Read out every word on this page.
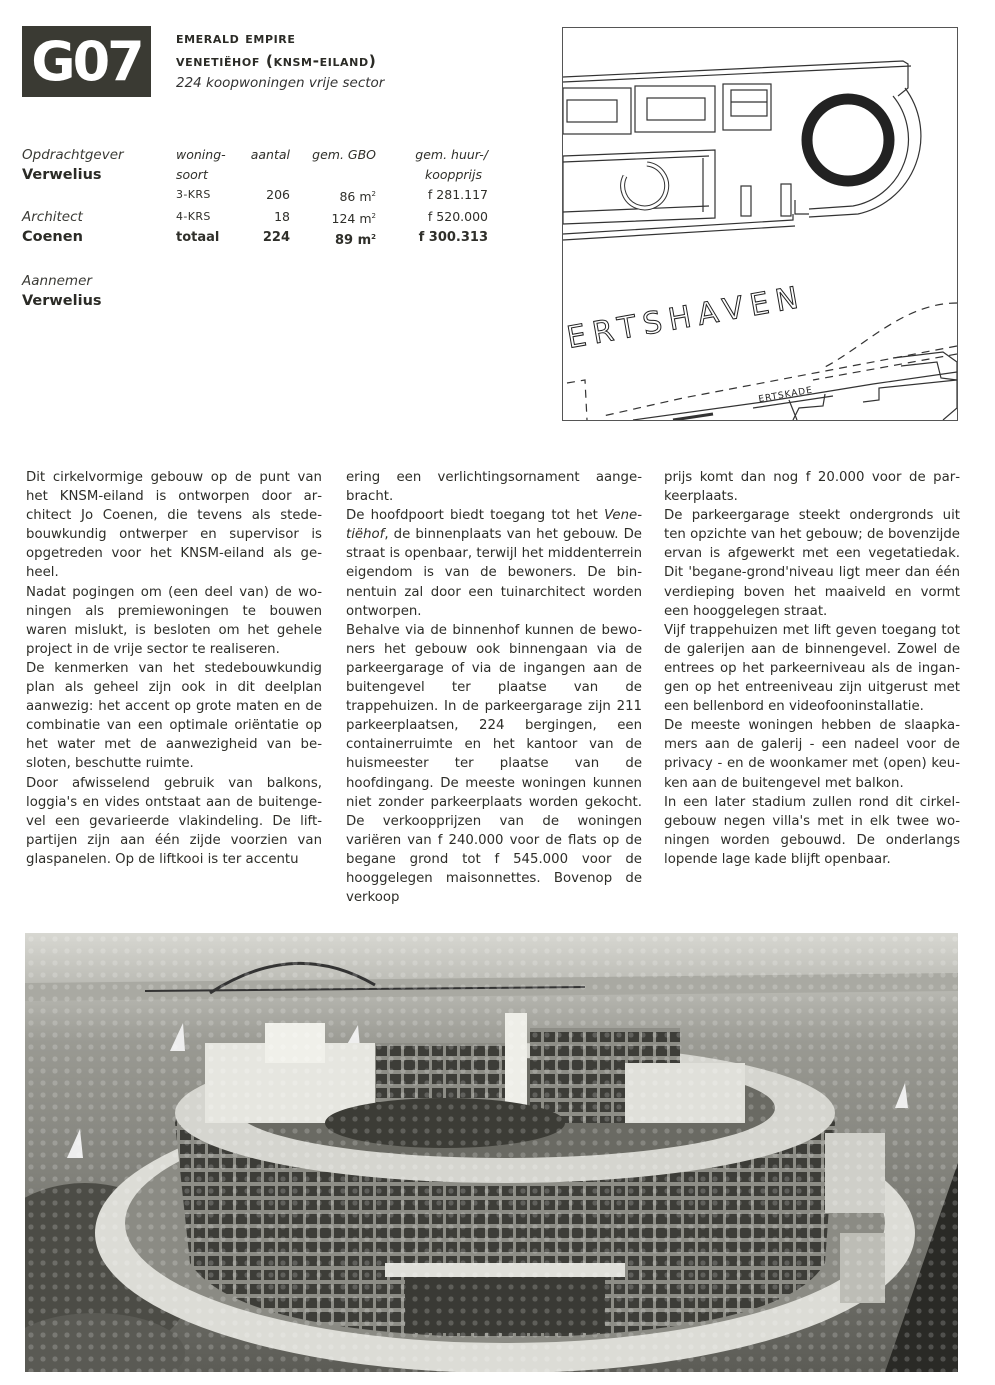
G07	emerald empire
venetiëhof (knsm-eiland)
224 koopwoningen vrije sector
Opdrachtgever
Verwelius
Architect
Coenen
Aannemer
Verwelius
woning-
soort	aantal	gem. GBO	gem. huur-/
koopprijs
3-KRS	206	86 $m^2$	f 281.117
4-KRS	18	124 $m^2$	f 520.000
totaal	224	89 $m^2$	f 300.313
ERTSHAVEN
ERTSKADE

Dit cirkelvormige gebouw op de punt van het KNSM-eiland is ontworpen door architect Jo Coenen, die tevens als stedebouwkundig ontwerper en supervisor is opgetreden voor het KNSM-eiland als geheel.

Nadat pogingen om (een deel van) de woningen als premiewoningen te bouwen waren mislukt, is besloten om het gehele project in de vrije sector te realiseren.

De kenmerken van het stedebouwkundig plan als geheel zijn ook in dit deelplan aanwezig: het accent op grote maten en de combinatie van een optimale oriëntatie op het water met de aanwezigheid van besloten, beschutte ruimte.

Door afwisselend gebruik van balkons, loggia's en vides ontstaat aan de buitengevel een gevarieerde vlakindeling. De liftpartijen zijn aan één zijde voorzien van glaspanelen. Op de liftkooi is ter accentu

ering een verlichtingsornament aangebracht.

De hoofdpoort biedt toegang tot het Venetiëhof, de binnenplaats van het gebouw. De straat is openbaar, terwijl het middenterrein eigendom is van de bewoners. De binnentuin zal door een tuinarchitect worden ontworpen.

Behalve via de binnenhof kunnen de bewoners het gebouw ook binnengaan via de parkeergarage of via de ingangen aan de buitengevel ter plaatse van de trappehuizen. In de parkeergarage zijn 211 parkeerplaatsen, 224 bergingen, een containerruimte en het kantoor van de huismeester ter plaatse van de hoofdingang. De meeste woningen kunnen niet zonder parkeerplaats worden gekocht. De verkoopprijzen van de woningen variëren van f 240.000 voor de flats op de begane grond tot f 545.000 voor de hooggelegen maisonnettes. Bovenop de verkoop

prijs komt dan nog f 20.000 voor de parkeerplaats.

De parkeergarage steekt ondergronds uit ten opzichte van het gebouw; de bovenzijde ervan is afgewerkt met een vegetatiedak. Dit 'begane-grond'niveau ligt meer dan één verdieping boven het maaiveld en vormt een hooggelegen straat.

Vijf trappehuizen met lift geven toegang tot de galerijen aan de binnengevel. Zowel de entrees op het parkeerniveau als de ingangen op het entreeniveau zijn uitgerust met een bellenbord en videofooninstallatie.

De meeste woningen hebben de slaapkamers aan de galerij - een nadeel voor de privacy - en de woonkamer met (open) keuken aan de buitengevel met balkon.

In een later stadium zullen rond dit cirkelgebouw negen villa's met in elk twee woningen worden gebouwd. De onderlangs lopende lage kade blijft openbaar.
